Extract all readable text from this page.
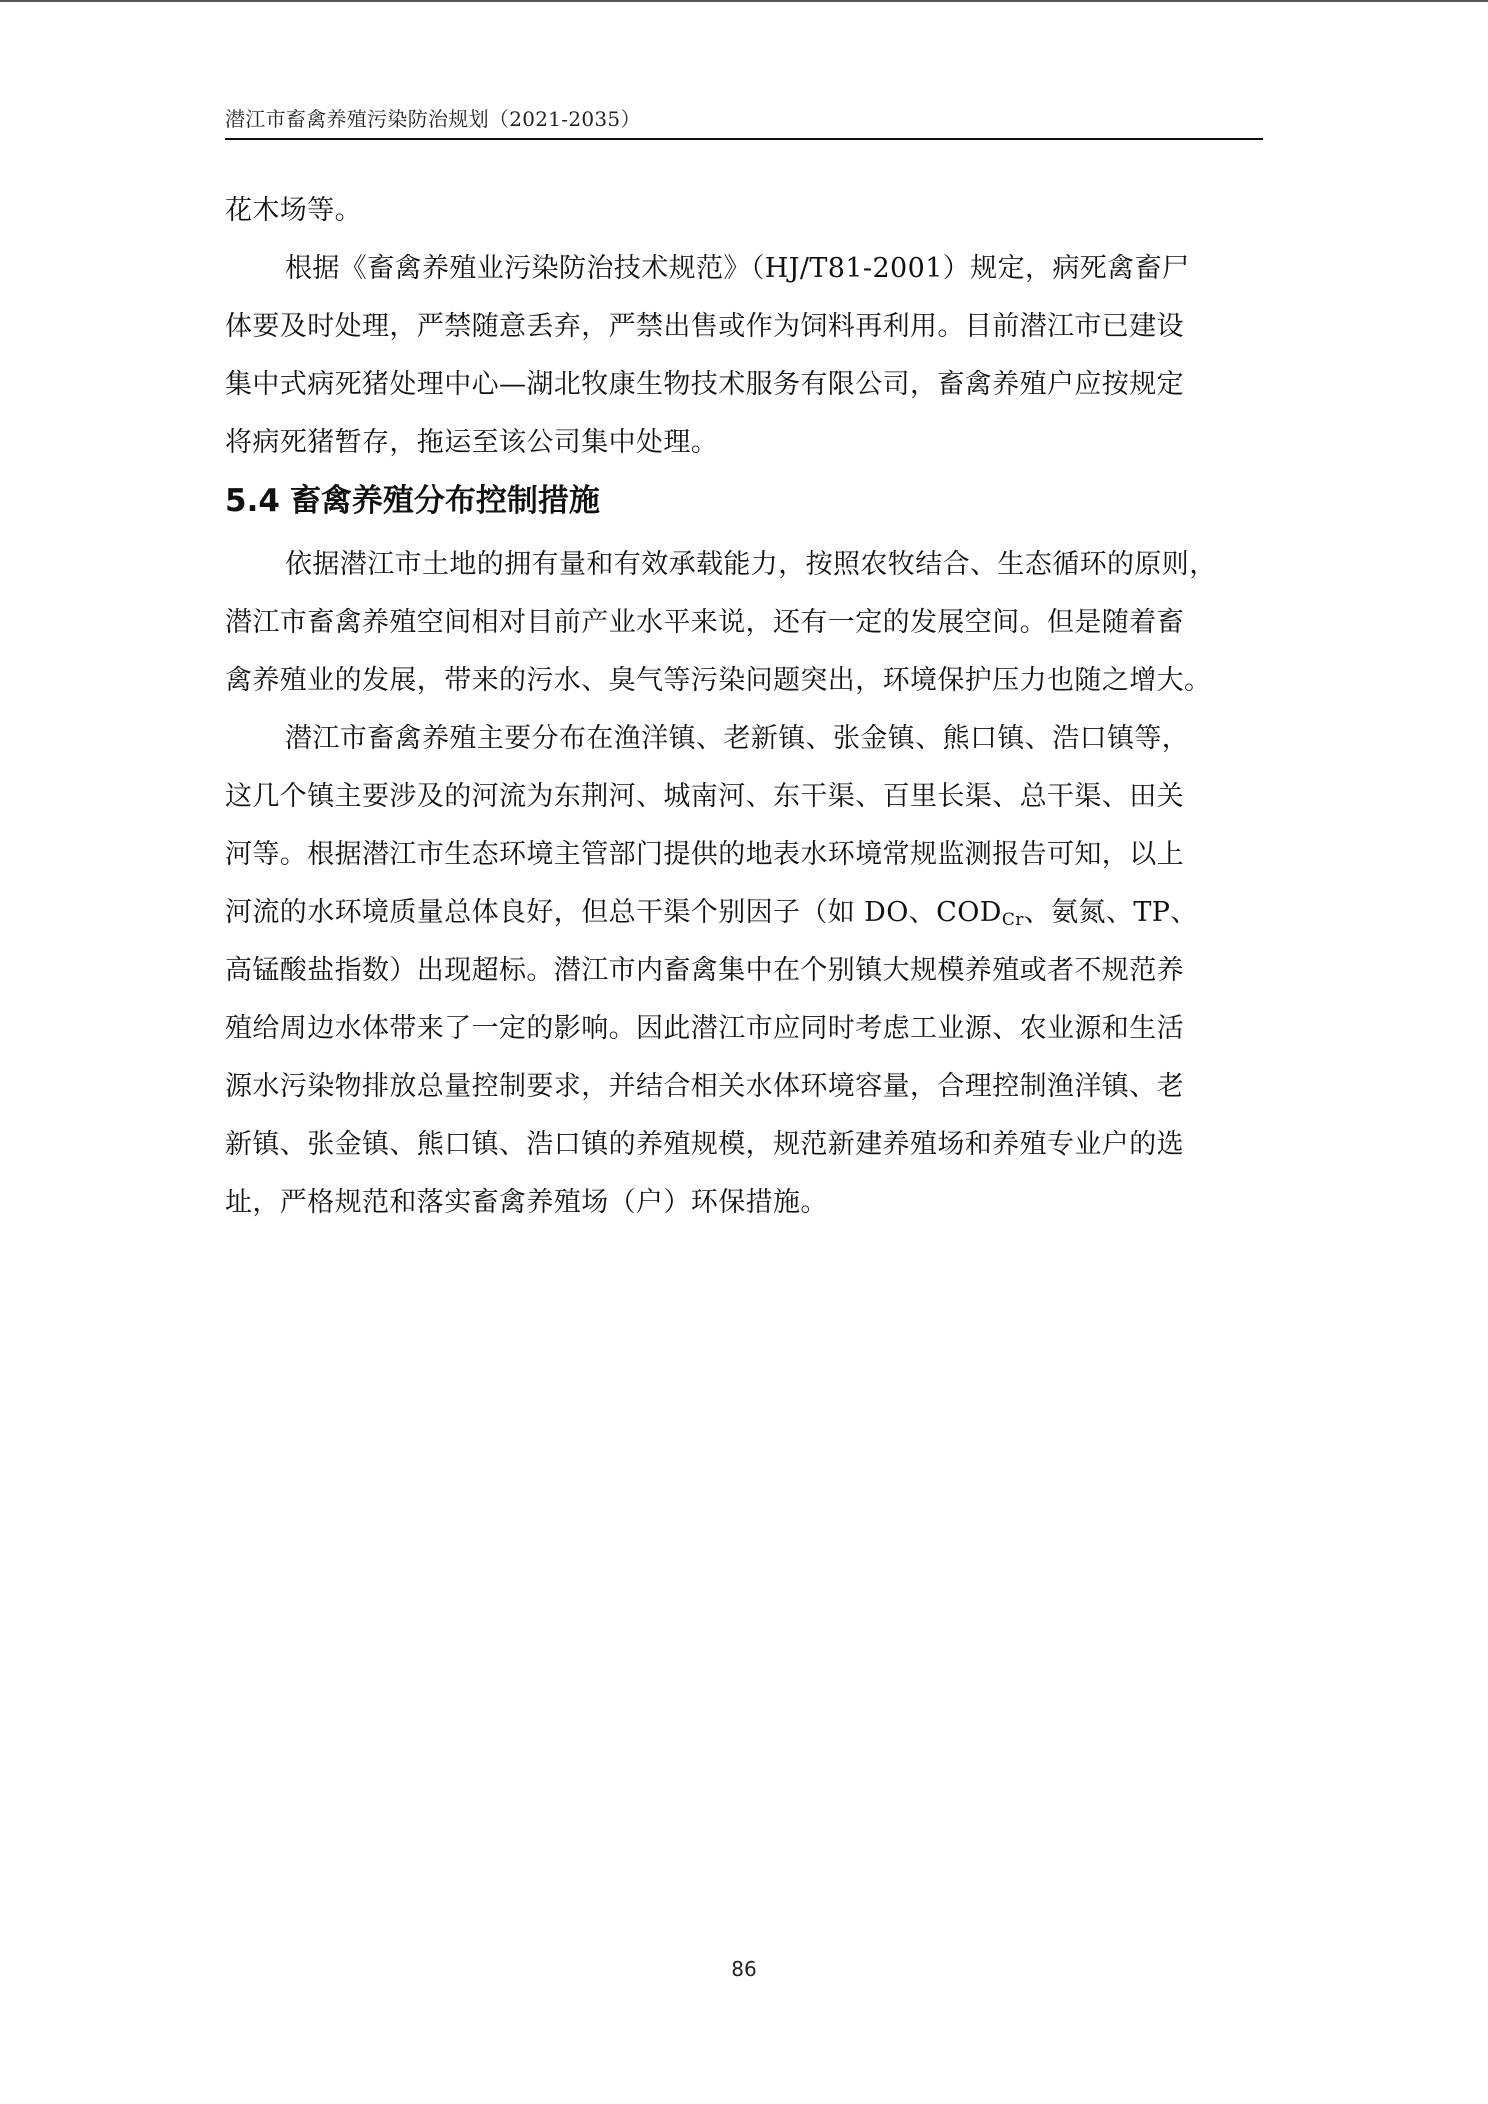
潜江市畜禽养殖污染防治规划（2021-2035）
花木场等。
根据《畜禽养殖业污染防治技术规范》（HJ/T81-2001）规定，病死禽畜尸
体要及时处理，严禁随意丢弃，严禁出售或作为饲料再利用。目前潜江市已建设
集中式病死猪处理中心—湖北牧康生物技术服务有限公司，畜禽养殖户应按规定
将病死猪暂存，拖运至该公司集中处理。
5.4 畜禽养殖分布控制措施
依据潜江市土地的拥有量和有效承载能力，按照农牧结合、生态循环的原则，
潜江市畜禽养殖空间相对目前产业水平来说，还有一定的发展空间。但是随着畜
禽养殖业的发展，带来的污水、臭气等污染问题突出，环境保护压力也随之增大。
潜江市畜禽养殖主要分布在渔洋镇、老新镇、张金镇、熊口镇、浩口镇等，
这几个镇主要涉及的河流为东荆河、城南河、东干渠、百里长渠、总干渠、田关
河等。根据潜江市生态环境主管部门提供的地表水环境常规监测报告可知，以上
河流的水环境质量总体良好，但总干渠个别因子（如 DO、$COD_{Cr}$、氨氮、TP、
高锰酸盐指数）出现超标。潜江市内畜禽集中在个别镇大规模养殖或者不规范养
殖给周边水体带来了一定的影响。因此潜江市应同时考虑工业源、农业源和生活
源水污染物排放总量控制要求，并结合相关水体环境容量，合理控制渔洋镇、老
新镇、张金镇、熊口镇、浩口镇的养殖规模，规范新建养殖场和养殖专业户的选
址，严格规范和落实畜禽养殖场（户）环保措施。
86
